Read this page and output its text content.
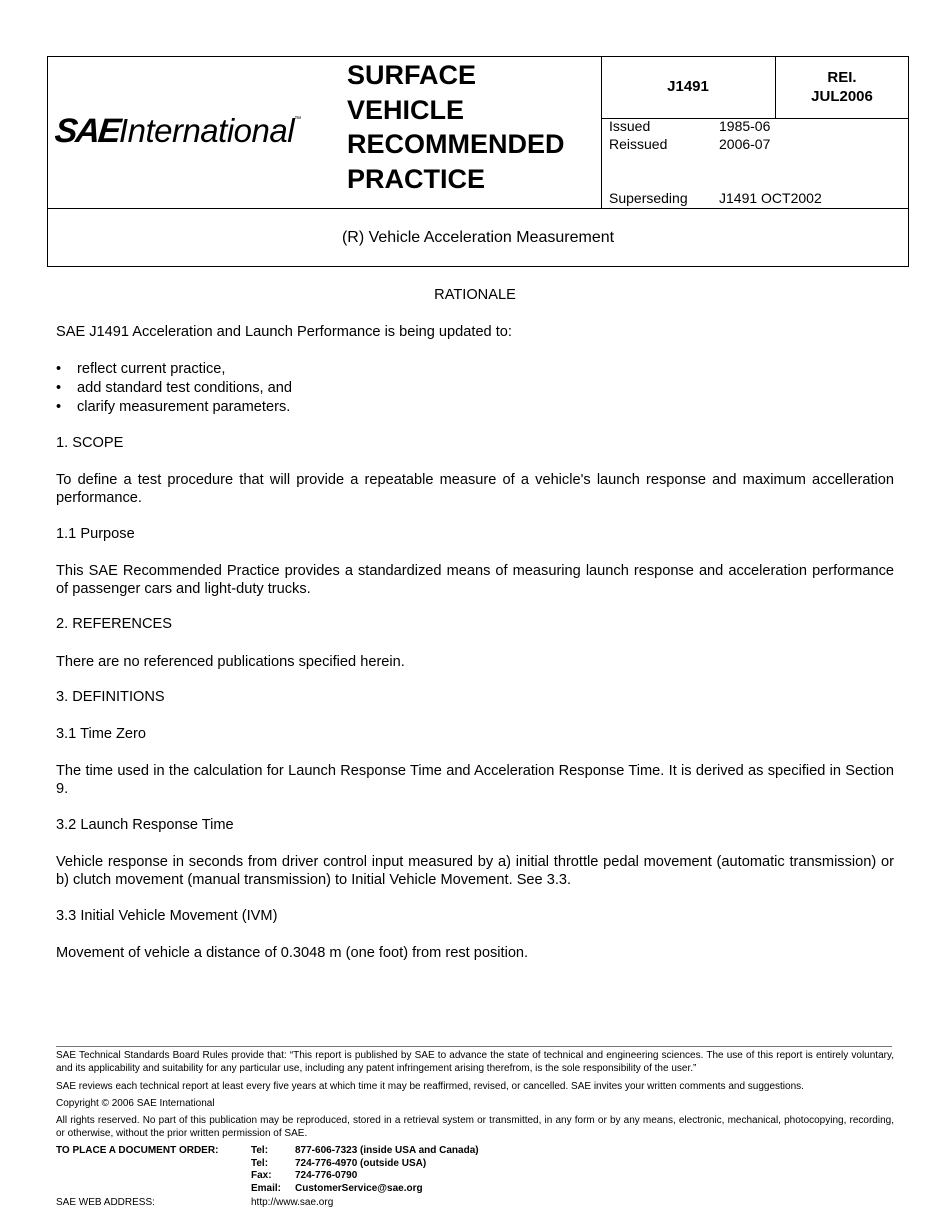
SAEInternational™
SURFACE
VEHICLE
RECOMMENDED
PRACTICE
J1491
REI.
JUL2006
Issued	1985-06
Reissued	2006-07
Superseding J1491 OCT2002
(R) Vehicle Acceleration Measurement
RATIONALE
SAE J1491 Acceleration and Launch Performance is being updated to:
• reflect current practice,
• add standard test conditions, and
• clarify measurement parameters.
1. SCOPE
To define a test procedure that will provide a repeatable measure of a vehicle's launch response and maximum accelleration performance.
1.1 Purpose
This SAE Recommended Practice provides a standardized means of measuring launch response and acceleration performance of passenger cars and light-duty trucks.
2. REFERENCES
There are no referenced publications specified herein.
3. DEFINITIONS
3.1 Time Zero
The time used in the calculation for Launch Response Time and Acceleration Response Time. It is derived as specified in Section 9.
3.2 Launch Response Time
Vehicle response in seconds from driver control input measured by a) initial throttle pedal movement (automatic transmission) or b) clutch movement (manual transmission) to Initial Vehicle Movement. See 3.3.
3.3 Initial Vehicle Movement (IVM)
Movement of vehicle a distance of 0.3048 m (one foot) from rest position.
SAE Technical Standards Board Rules provide that: “This report is published by SAE to advance the state of technical and engineering sciences. The use of this report is entirely voluntary, and its applicability and suitability for any particular use, including any patent infringement arising therefrom, is the sole responsibility of the user.”
SAE reviews each technical report at least every five years at which time it may be reaffirmed, revised, or cancelled. SAE invites your written comments and suggestions.
Copyright © 2006 SAE International
All rights reserved. No part of this publication may be reproduced, stored in a retrieval system or transmitted, in any form or by any means, electronic, mechanical, photocopying, recording, or otherwise, without the prior written permission of SAE.
TO PLACE A DOCUMENT ORDER:	Tel:	877-606-7323 (inside USA and Canada)
Tel:	724-776-4970 (outside USA)
Fax: 724-776-0790
Email: CustomerService@sae.org
SAE WEB ADDRESS:	http://www.sae.org
